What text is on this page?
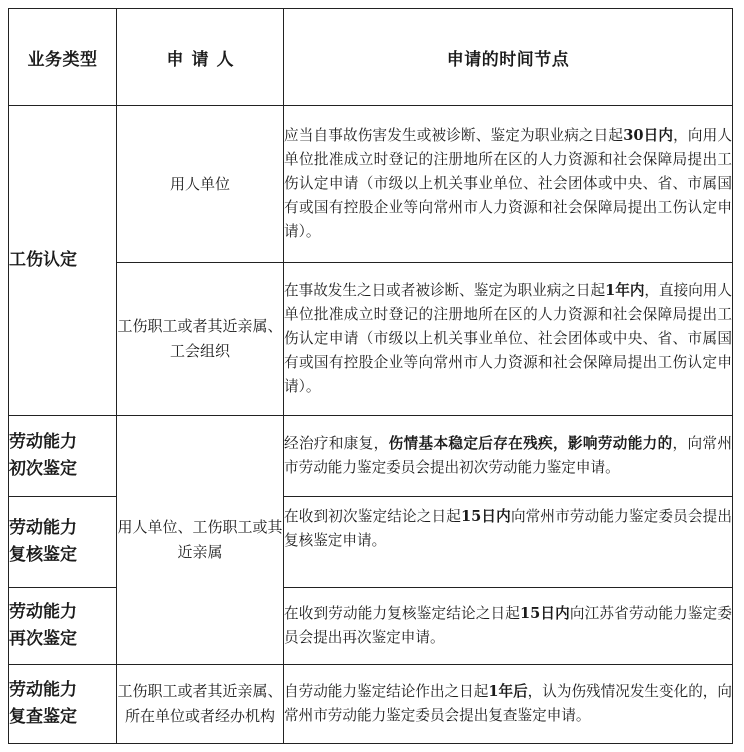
业务类型	申请人	申请的时间节点

工伤认定	用人单位	应当自事故伤害发生或被诊断、鉴定为职业病之日起30日内，向用人单位批准成立时登记的注册地所在区的人力资源和社会保障局提出工伤认定申请（市级以上机关事业单位、社会团体或中央、省、市属国有或国有控股企业等向常州市人力资源和社会保障局提出工伤认定申请）。
	工伤职工或者其近亲属、工会组织	在事故发生之日或者被诊断、鉴定为职业病之日起1年内，直接向用人单位批准成立时登记的注册地所在区的人力资源和社会保障局提出工伤认定申请（市级以上机关事业单位、社会团体或中央、省、市属国有或国有控股企业等向常州市人力资源和社会保障局提出工伤认定申请）。

劳动能力
初次鉴定	用人单位、工伤职工或其近亲属	经治疗和康复，伤情基本稳定后存在残疾，影响劳动能力的，向常州市劳动能力鉴定委员会提出初次劳动能力鉴定申请。

劳动能力
复核鉴定		在收到初次鉴定结论之日起15日内向常州市劳动能力鉴定委员会提出复核鉴定申请。

劳动能力
再次鉴定		在收到劳动能力复核鉴定结论之日起15日内向江苏省劳动能力鉴定委员会提出再次鉴定申请。

劳动能力
复查鉴定	工伤职工或者其近亲属、所在单位或者经办机构	自劳动能力鉴定结论作出之日起1年后，认为伤残情况发生变化的，向常州市劳动能力鉴定委员会提出复查鉴定申请。
